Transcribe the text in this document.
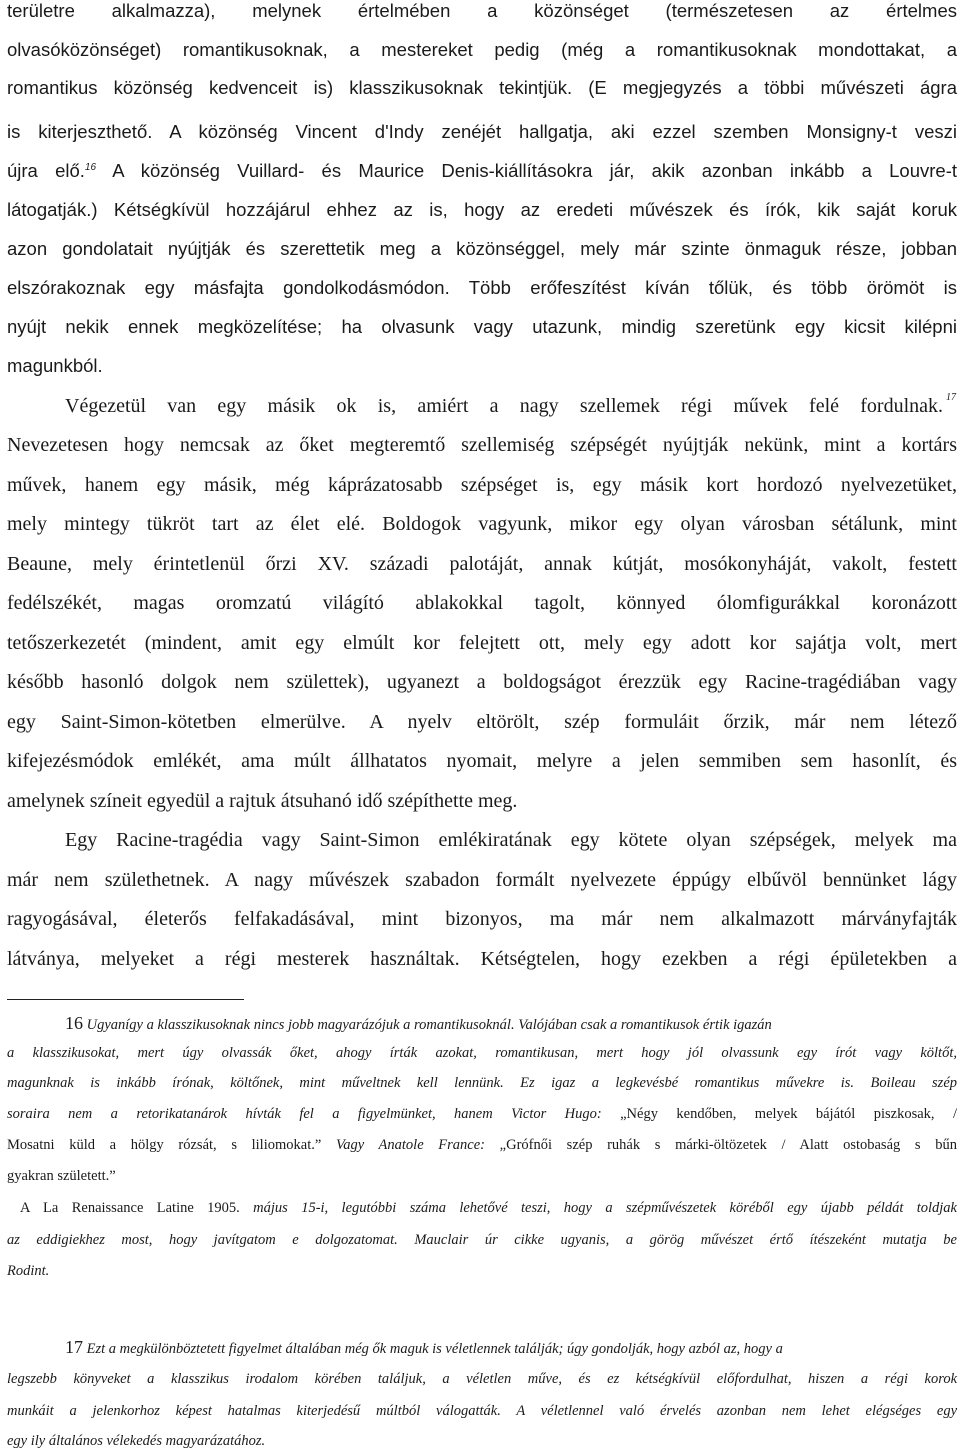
területre alkalmazza), melynek értelmében a közönséget (természetesen az értelmes

olvasóközönséget) romantikusoknak, a mestereket pedig (még a romantikusoknak mondottakat, a

romantikus közönség kedvenceit is) klasszikusoknak tekintjük. (E megjegyzés a többi művészeti ágra

is kiterjeszthető. A közönség Vincent d'Indy zenéjét hallgatja, aki ezzel szemben Monsigny-t veszi

újra elő.$^{16}$ A közönség Vuillard- és Maurice Denis-kiállításokra jár, akik azonban inkább a Louvre-t

látogatják.) Kétségkívül hozzájárul ehhez az is, hogy az eredeti művészek és írók, kik saját koruk

azon gondolatait nyújtják és szerettetik meg a közönséggel, mely már szinte önmaguk része, jobban

elszórakoznak egy másfajta gondolkodásmódon. Több erőfeszítést kíván tőlük, és több örömöt is

nyújt nekik ennek megközelítése; ha olvasunk vagy utazunk, mindig szeretünk egy kicsit kilépni

magunkból.

Végezetül van egy másik ok is, amiért a nagy szellemek régi művek felé fordulnak. 17

Nevezetesen hogy nemcsak az őket megteremtő szellemiség szépségét nyújtják nekünk, mint a kortárs

művek, hanem egy másik, még káprázatosabb szépséget is, egy másik kort hordozó nyelvezetüket,

mely mintegy tükröt tart az élet elé. Boldogok vagyunk, mikor egy olyan városban sétálunk, mint

Beaune, mely érintetlenül őrzi XV. századi palotáját, annak kútját, mosókonyháját, vakolt, festett

fedélszékét, magas oromzatú világító ablakokkal tagolt, könnyed ólomfigurákkal koronázott

tetőszerkezetét (mindent, amit egy elmúlt kor felejtett ott, mely egy adott kor sajátja volt, mert

később hasonló dolgok nem születtek), ugyanezt a boldogságot érezzük egy Racine-tragédiában vagy

egy Saint-Simon-kötetben elmerülve. A nyelv eltörölt, szép formuláit őrzik, már nem létező

kifejezésmódok emlékét, ama múlt állhatatos nyomait, melyre a jelen semmiben sem hasonlít, és

amelynek színeit egyedül a rajtuk átsuhanó idő szépíthette meg.

Egy Racine-tragédia vagy Saint-Simon emlékiratának egy kötete olyan szépségek, melyek ma

már nem születhetnek. A nagy művészek szabadon formált nyelvezete éppúgy elbűvöl bennünket lágy

ragyogásával, életerős felfakadásával, mint bizonyos, ma már nem alkalmazott márványfajták

látványa, melyeket a régi mesterek használtak. Kétségtelen, hogy ezekben a régi épületekben a

16 Ugyanígy a klasszikusoknak nincs jobb magyarázójuk a romantikusoknál. Valójában csak a romantikusok értik igazán

a klasszikusokat, mert úgy olvassák őket, ahogy írták azokat, romantikusan, mert hogy jól olvassunk egy írót vagy költőt,

magunknak is inkább írónak, költőnek, mint műveltnek kell lennünk. Ez igaz a legkevésbé romantikus művekre is. Boileau szép

soraira nem a retorikatanárok hívták fel a figyelmünket, hanem Victor Hugo: „Négy kendőben, melyek bájától piszkosak, /

Mosatni küld a hölgy rózsát, s liliomokat.” Vagy Anatole France: „Grófnői szép ruhák s márki-öltözetek / Alatt ostobaság s bűn

gyakran született.”

A La Renaissance Latine 1905. május 15-i, legutóbbi száma lehetővé teszi, hogy a szépművészetek köréből egy újabb példát toldjak

az eddigiekhez most, hogy javítgatom e dolgozatomat. Mauclair úr cikke ugyanis, a görög művészet értő ítészeként mutatja be

Rodint.

17 Ezt a megkülönböztetett figyelmet általában még ők maguk is véletlennek találják; úgy gondolják, hogy azból az, hogy a

legszebb könyveket a klasszikus irodalom körében találjuk, a véletlen műve, és ez kétségkívül előfordulhat, hiszen a régi korok

munkáit a jelenkorhoz képest hatalmas kiterjedésű múltból válogatták. A véletlennel való érvelés azonban nem lehet elégséges egy

egy ily általános vélekedés magyarázatához.
